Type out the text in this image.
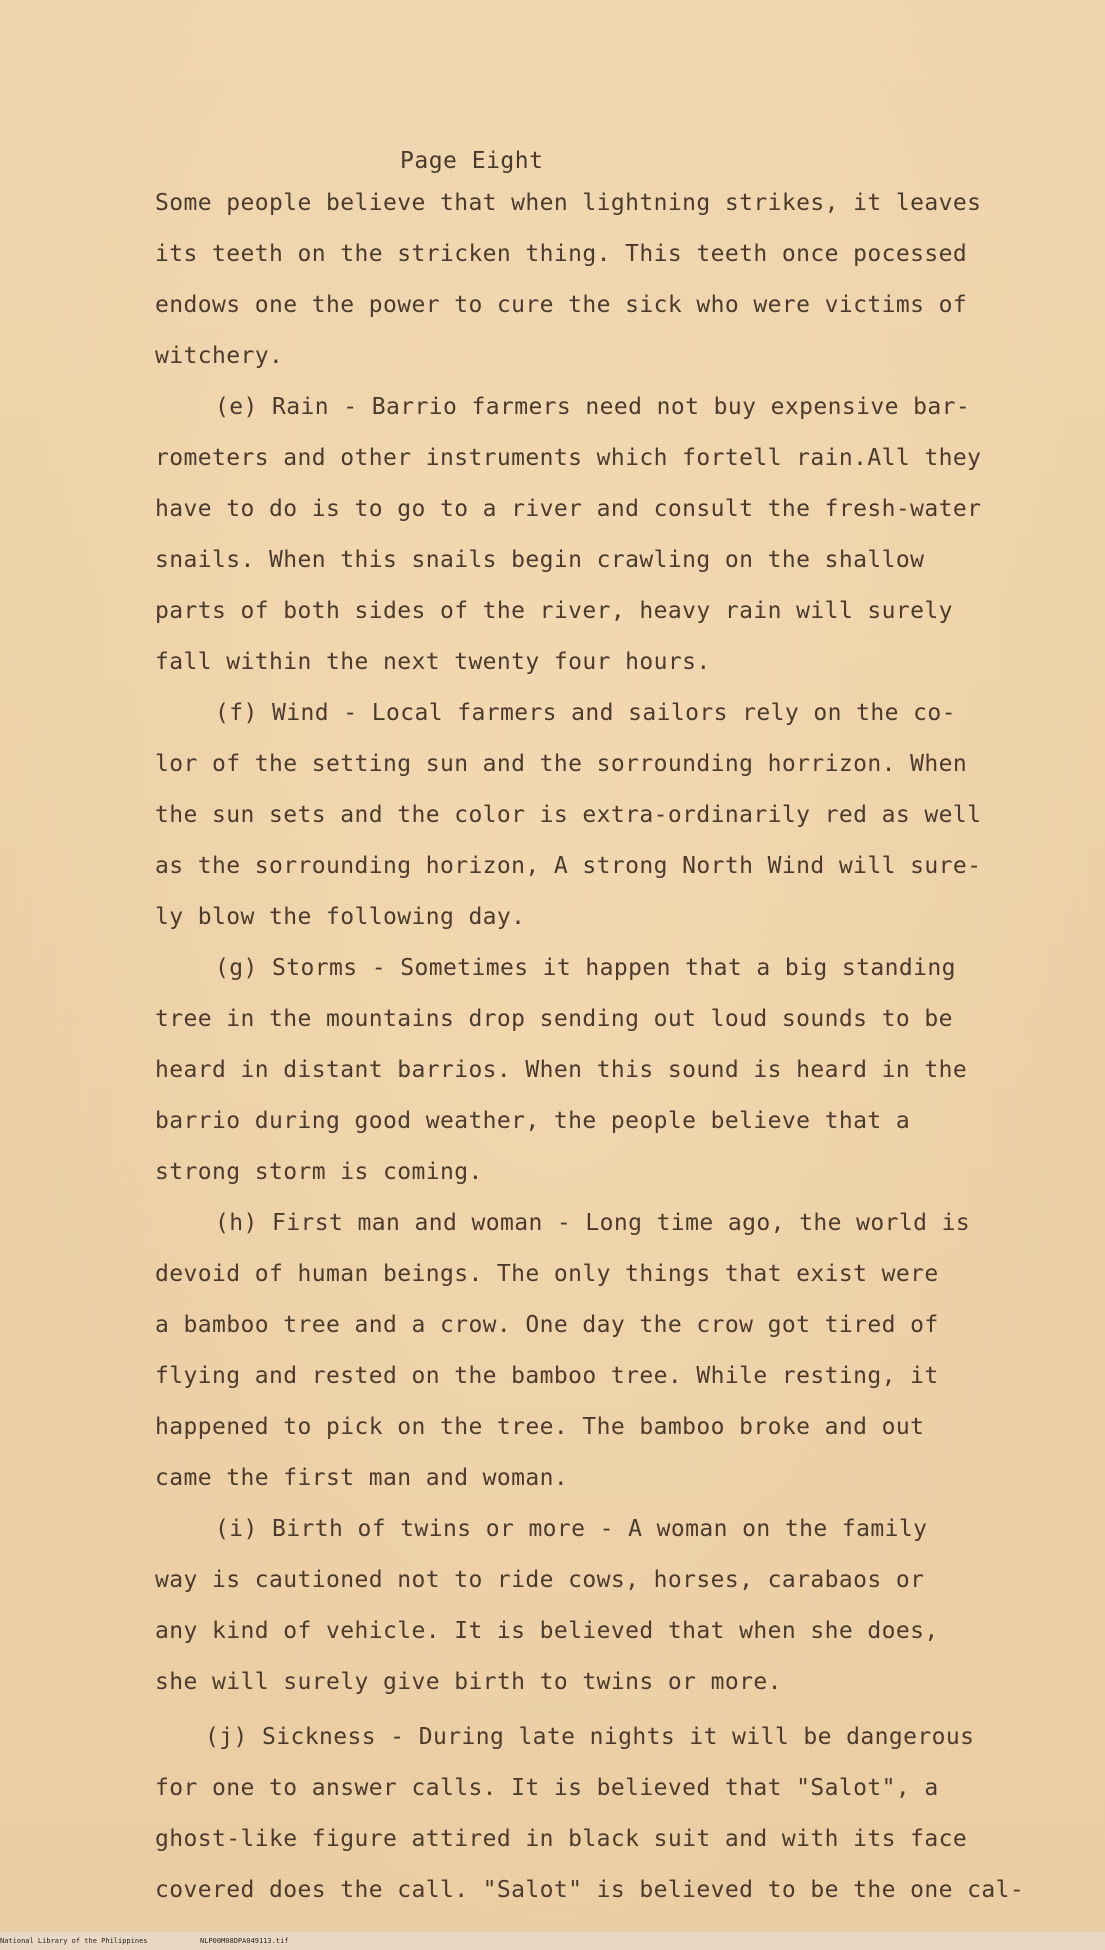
Page Eight
Some people believe that when lightning strikes, it leaves
its teeth on the stricken thing. This teeth once pocessed
endows one the power to cure the sick who were victims of
witchery.
(e) Rain - Barrio farmers need not buy expensive bar-
rometers and other instruments which fortell rain.All they
have to do is to go to a river and consult the fresh-water
snails. When this snails begin crawling on the shallow
parts of both sides of the river, heavy rain will surely
fall within the next twenty four hours.
(f) Wind - Local farmers and sailors rely on the co-
lor of the setting sun and the sorrounding horrizon. When
the sun sets and the color is extra-ordinarily red as well
as the sorrounding horizon, A strong North Wind will sure-
ly blow the following day.
(g) Storms - Sometimes it happen that a big standing
tree in the mountains drop sending out loud sounds to be
heard in distant barrios. When this sound is heard in the
barrio during good weather, the people believe that a
strong storm is coming.
(h) First man and woman - Long time ago, the world is
devoid of human beings. The only things that exist were
a bamboo tree and a crow. One day the crow got tired of
flying and rested on the bamboo tree. While resting, it
happened to pick on the tree. The bamboo broke and out
came the first man and woman.
(i) Birth of twins or more - A woman on the family
way is cautioned not to ride cows, horses, carabaos or
any kind of vehicle. It is believed that when she does,
she will surely give birth to twins or more.
(j) Sickness - During late nights it will be dangerous
for one to answer calls. It is believed that "Salot", a
ghost-like figure attired in black suit and with its face
covered does the call. "Salot" is believed to be the one cal-
National Library of the Philippines	NLP00M08DPA049113.tif
